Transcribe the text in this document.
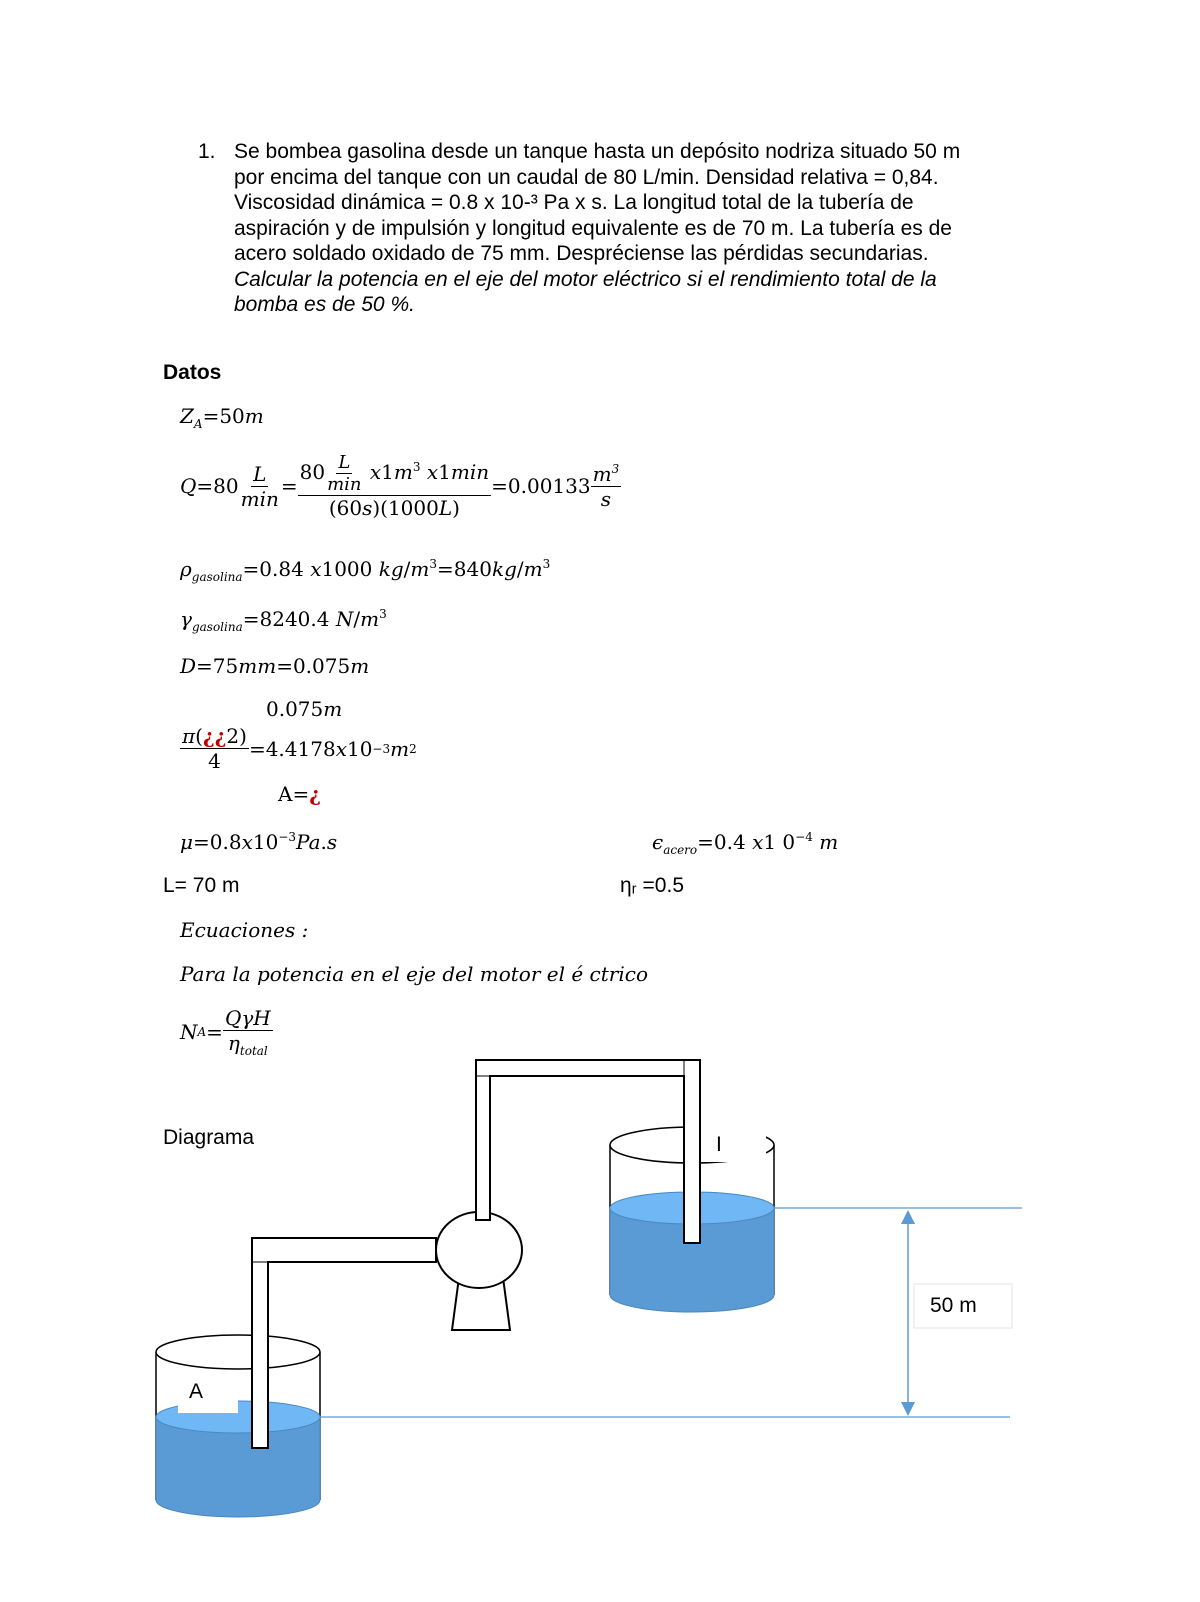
1. Se bombea gasolina desde un tanque hasta un depósito nodriza situado 50 m

por encima del tanque con un caudal de 80 L/min. Densidad relativa = 0,84.

Viscosidad dinámica = 0.8 x 10-³ Pa x s. La longitud total de la tubería de

aspiración y de impulsión y longitud equivalente es de 70 m. La tubería es de

acero soldado oxidado de 75 mm. Despréciense las pérdidas secundarias.

Calcular la potencia en el eje del motor eléctrico si el rendimiento total de la

bomba es de 50 %.

Datos
$Z_A=50m$
$Q =80 \frac{L}{\min} = \frac{80 \frac{L}{\min} x1m^3 x1\min}{(60s)(1000L)} =0.00133 \frac{m^3}{s}$
$\rho_{gasolina}=0.84$ x1000 $kg/m^3=840kg/m^3$
$\gamma_{gasolina}=8240.4$ $N/m^3$
D=75mm=0.075m
0.075m
$\frac{\pi(¿¿2)}{4} =4.4178$ x 10 −3 m 2
A=¿
$\mu=0.8x10^{-3}Pa.s$	$\epsilon_{acero}=0.4$ x1 $0^{-4}$ m
L= 70 m	ηᵣ =0.5
Ecuaciones :
Para la potencia en el eje del motor el é ctrico
N $A = \frac{\text{QγH}}{\eta_{total}}$
Diagrama
A
I
50 m
